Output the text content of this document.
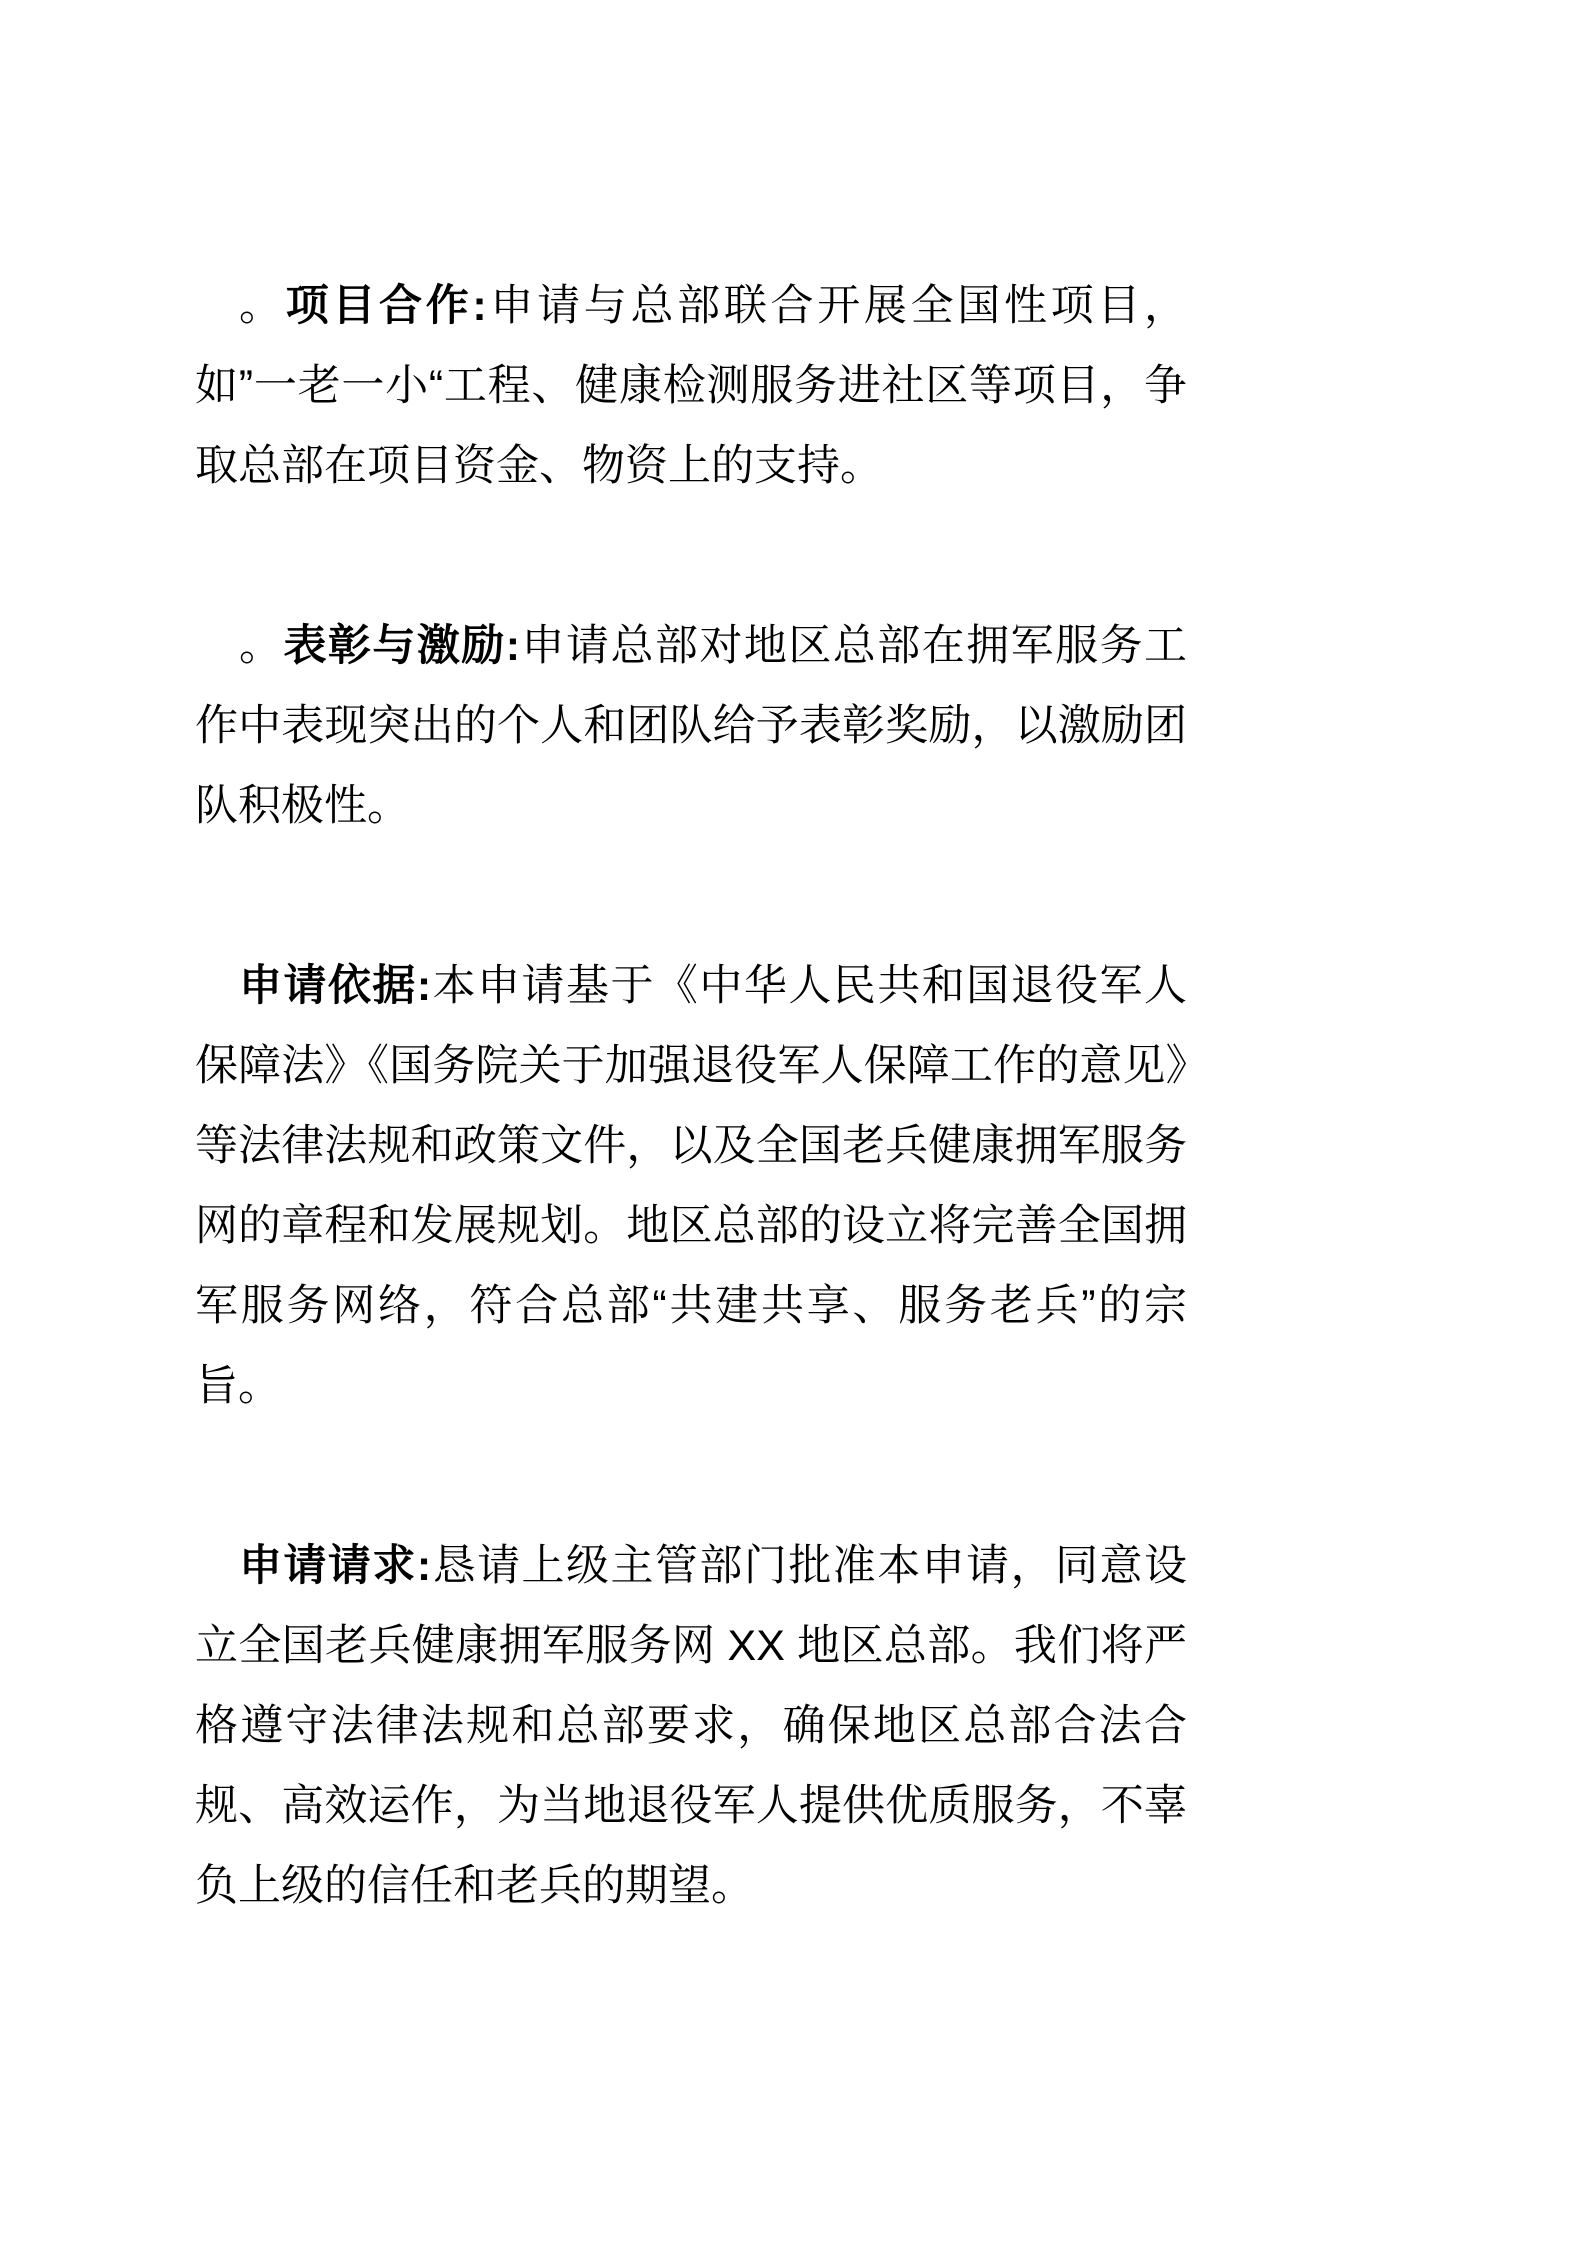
。项目合作:申请与总部联合开展全国性项目，如”一老一小“工程、健康检测服务进社区等项目，争取总部在项目资金、物资上的支持。

。表彰与激励:申请总部对地区总部在拥军服务工作中表现突出的个人和团队给予表彰奖励，以激励团队积极性。

申请依据:本申请基于《中华人民共和国退役军人保障法》《国务院关于加强退役军人保障工作的意见》等法律法规和政策文件，以及全国老兵健康拥军服务网的章程和发展规划。地区总部的设立将完善全国拥军服务网络，符合总部“共建共享、服务老兵”的宗旨。

申请请求:恳请上级主管部门批准本申请，同意设立全国老兵健康拥军服务网 XX 地区总部。我们将严格遵守法律法规和总部要求，确保地区总部合法合规、高效运作，为当地退役军人提供优质服务，不辜负上级的信任和老兵的期望。
